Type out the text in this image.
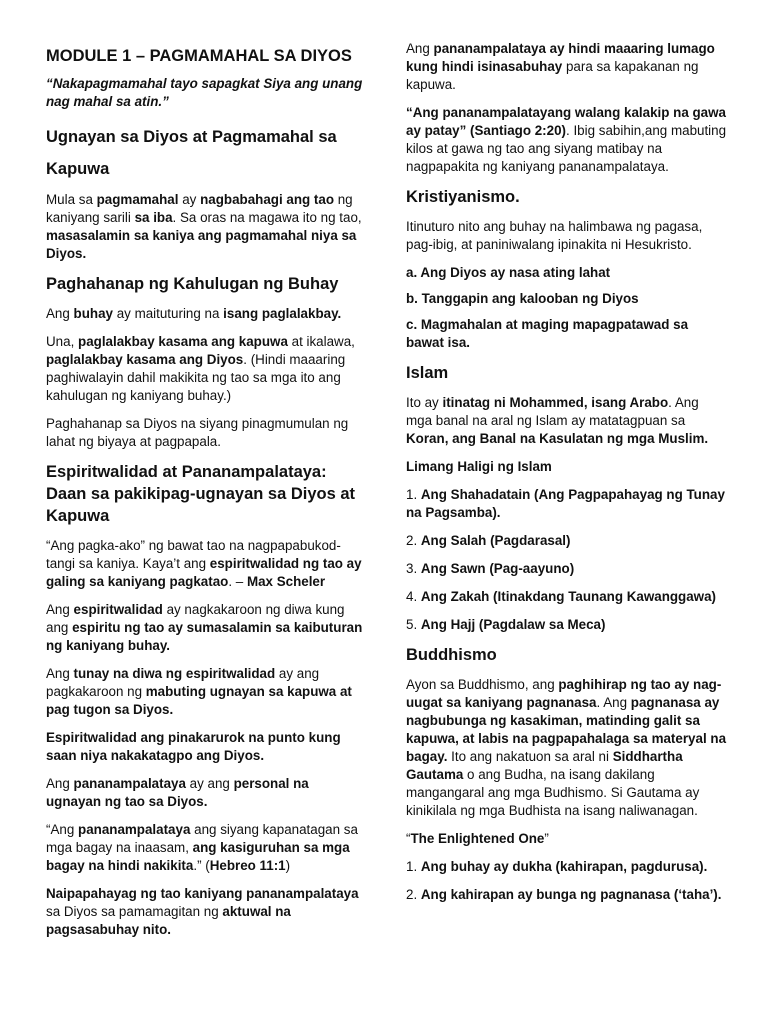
MODULE 1 – PAGMAMAHAL SA DIYOS

“Nakapagmamahal tayo sapagkat Siya ang unang nag mahal sa atin.”

Ugnayan sa Diyos at Pagmamahal sa Kapuwa

Mula sa pagmamahal ay nagbabahagi ang tao ng kaniyang sarili sa iba. Sa oras na magawa ito ng tao, masasalamin sa kaniya ang pagmamahal niya sa Diyos.

Paghahanap ng Kahulugan ng Buhay

Ang buhay ay maituturing na isang paglalakbay.

Una, paglalakbay kasama ang kapuwa at ikalawa, paglalakbay kasama ang Diyos. (Hindi maaaring paghiwalayin dahil makikita ng tao sa mga ito ang kahulugan ng kaniyang buhay.)

Paghahanap sa Diyos na siyang pinagmumulan ng lahat ng biyaya at pagpapala.

Espiritwalidad at Pananampalataya: Daan sa pakikipag-ugnayan sa Diyos at Kapuwa

“Ang pagka-ako” ng bawat tao na nagpapabukod-tangi sa kaniya. Kaya’t ang espiritwalidad ng tao ay galing sa kaniyang pagkatao. – Max Scheler

Ang espiritwalidad ay nagkakaroon ng diwa kung ang espiritu ng tao ay sumasalamin sa kaibuturan ng kaniyang buhay.

Ang tunay na diwa ng espiritwalidad ay ang pagkakaroon ng mabuting ugnayan sa kapuwa at pag tugon sa Diyos.

Espiritwalidad ang pinakarurok na punto kung saan niya nakakatagpo ang Diyos.

Ang pananampalataya ay ang personal na ugnayan ng tao sa Diyos.

“Ang pananampalataya ang siyang kapanatagan sa mga bagay na inaasam, ang kasiguruhan sa mga bagay na hindi nakikita.” (Hebreo 11:1)

Naipapahayag ng tao kaniyang pananampalataya sa Diyos sa pamamagitan ng aktuwal na pagsasabuhay nito.

Ang pananampalataya ay hindi maaaring lumago kung hindi isinasabuhay para sa kapakanan ng kapuwa.

“Ang pananampalatayang walang kalakip na gawa ay patay” (Santiago 2:20). Ibig sabihin,ang mabuting kilos at gawa ng tao ang siyang matibay na nagpapakita ng kaniyang pananampalataya.

Kristiyanismo.

Itinuturo nito ang buhay na halimbawa ng pagasa, pag-ibig, at paniniwalang ipinakita ni Hesukristo.

a. Ang Diyos ay nasa ating lahat

b. Tanggapin ang kalooban ng Diyos

c. Magmahalan at maging mapagpatawad sa bawat isa.

Islam

Ito ay itinatag ni Mohammed, isang Arabo. Ang mga banal na aral ng Islam ay matatagpuan sa Koran, ang Banal na Kasulatan ng mga Muslim.

Limang Haligi ng Islam

1. Ang Shahadatain (Ang Pagpapahayag ng Tunay na Pagsamba).

2. Ang Salah (Pagdarasal)

3. Ang Sawn (Pag-aayuno)

4. Ang Zakah (Itinakdang Taunang Kawanggawa)

5. Ang Hajj (Pagdalaw sa Meca)

Buddhismo

Ayon sa Buddhismo, ang paghihirap ng tao ay nag-uugat sa kaniyang pagnanasa. Ang pagnanasa ay nagbubunga ng kasakiman, matinding galit sa kapuwa, at labis na pagpapahalaga sa materyal na bagay. Ito ang nakatuon sa aral ni Siddhartha Gautama o ang Budha, na isang dakilang mangangaral ang mga Budhismo. Si Gautama ay kinikilala ng mga Budhista na isang naliwanagan.

“The Enlightened One”

1. Ang buhay ay dukha (kahirapan, pagdurusa).

2. Ang kahirapan ay bunga ng pagnanasa (‘taha’).
